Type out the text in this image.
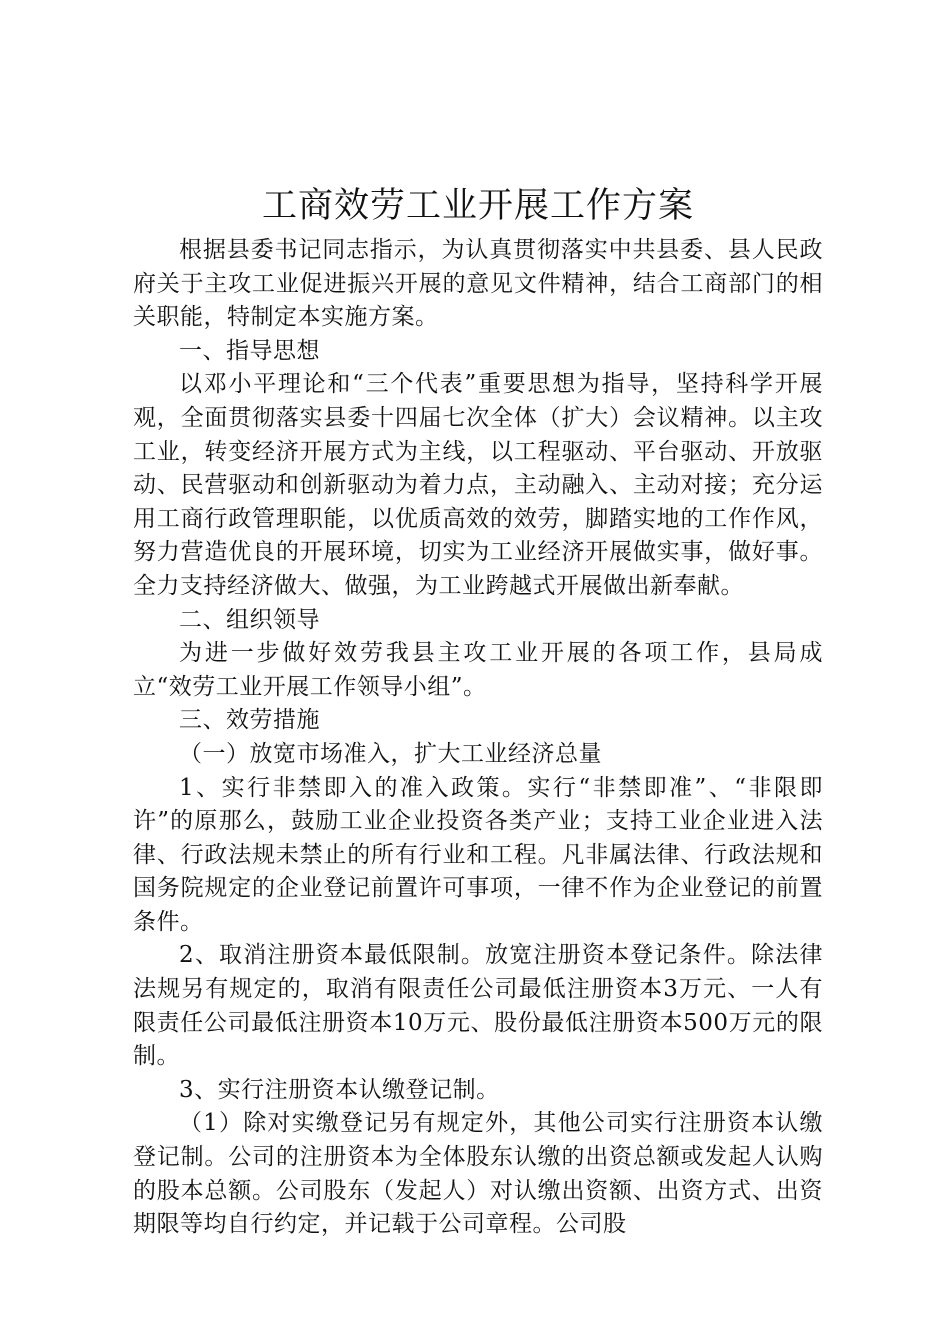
工商效劳工业开展工作方案

根据县委书记同志指示，为认真贯彻落实中共县委、县人民政府关于主攻工业促进振兴开展的意见文件精神，结合工商部门的相关职能，特制定本实施方案。

一、指导思想

以邓小平理论和“三个代表”重要思想为指导，坚持科学开展观，全面贯彻落实县委十四届七次全体（扩大）会议精神。以主攻工业，转变经济开展方式为主线，以工程驱动、平台驱动、开放驱动、民营驱动和创新驱动为着力点，主动融入、主动对接；充分运用工商行政管理职能，以优质高效的效劳，脚踏实地的工作作风，努力营造优良的开展环境，切实为工业经济开展做实事，做好事。全力支持经济做大、做强，为工业跨越式开展做出新奉献。

二、组织领导

为进一步做好效劳我县主攻工业开展的各项工作，县局成立“效劳工业开展工作领导小组”。

三、效劳措施

（一）放宽市场准入，扩大工业经济总量

1、实行非禁即入的准入政策。实行“非禁即准”、“非限即许”的原那么，鼓励工业企业投资各类产业；支持工业企业进入法律、行政法规未禁止的所有行业和工程。凡非属法律、行政法规和国务院规定的企业登记前置许可事项，一律不作为企业登记的前置条件。

2、取消注册资本最低限制。放宽注册资本登记条件。除法律法规另有规定的，取消有限责任公司最低注册资本3万元、一人有限责任公司最低注册资本10万元、股份最低注册资本500万元的限制。

3、实行注册资本认缴登记制。

（1）除对实缴登记另有规定外，其他公司实行注册资本认缴登记制。公司的注册资本为全体股东认缴的出资总额或发起人认购的股本总额。公司股东（发起人）对认缴出资额、出资方式、出资期限等均自行约定，并记载于公司章程。公司股
